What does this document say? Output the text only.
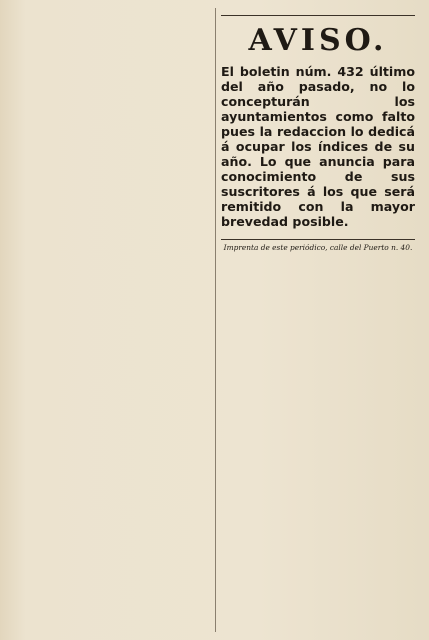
AVISO.

El boletin núm. 432 último del año pasado, no lo concepturán los ayuntamientos como falto pues la redaccion lo dedicá á ocupar los índices de su año. Lo que anuncia para conocimiento de sus suscritores á los que será remitido con la mayor brevedad posible.

Imprenta de este periódico, calle del Puerto n. 40.
